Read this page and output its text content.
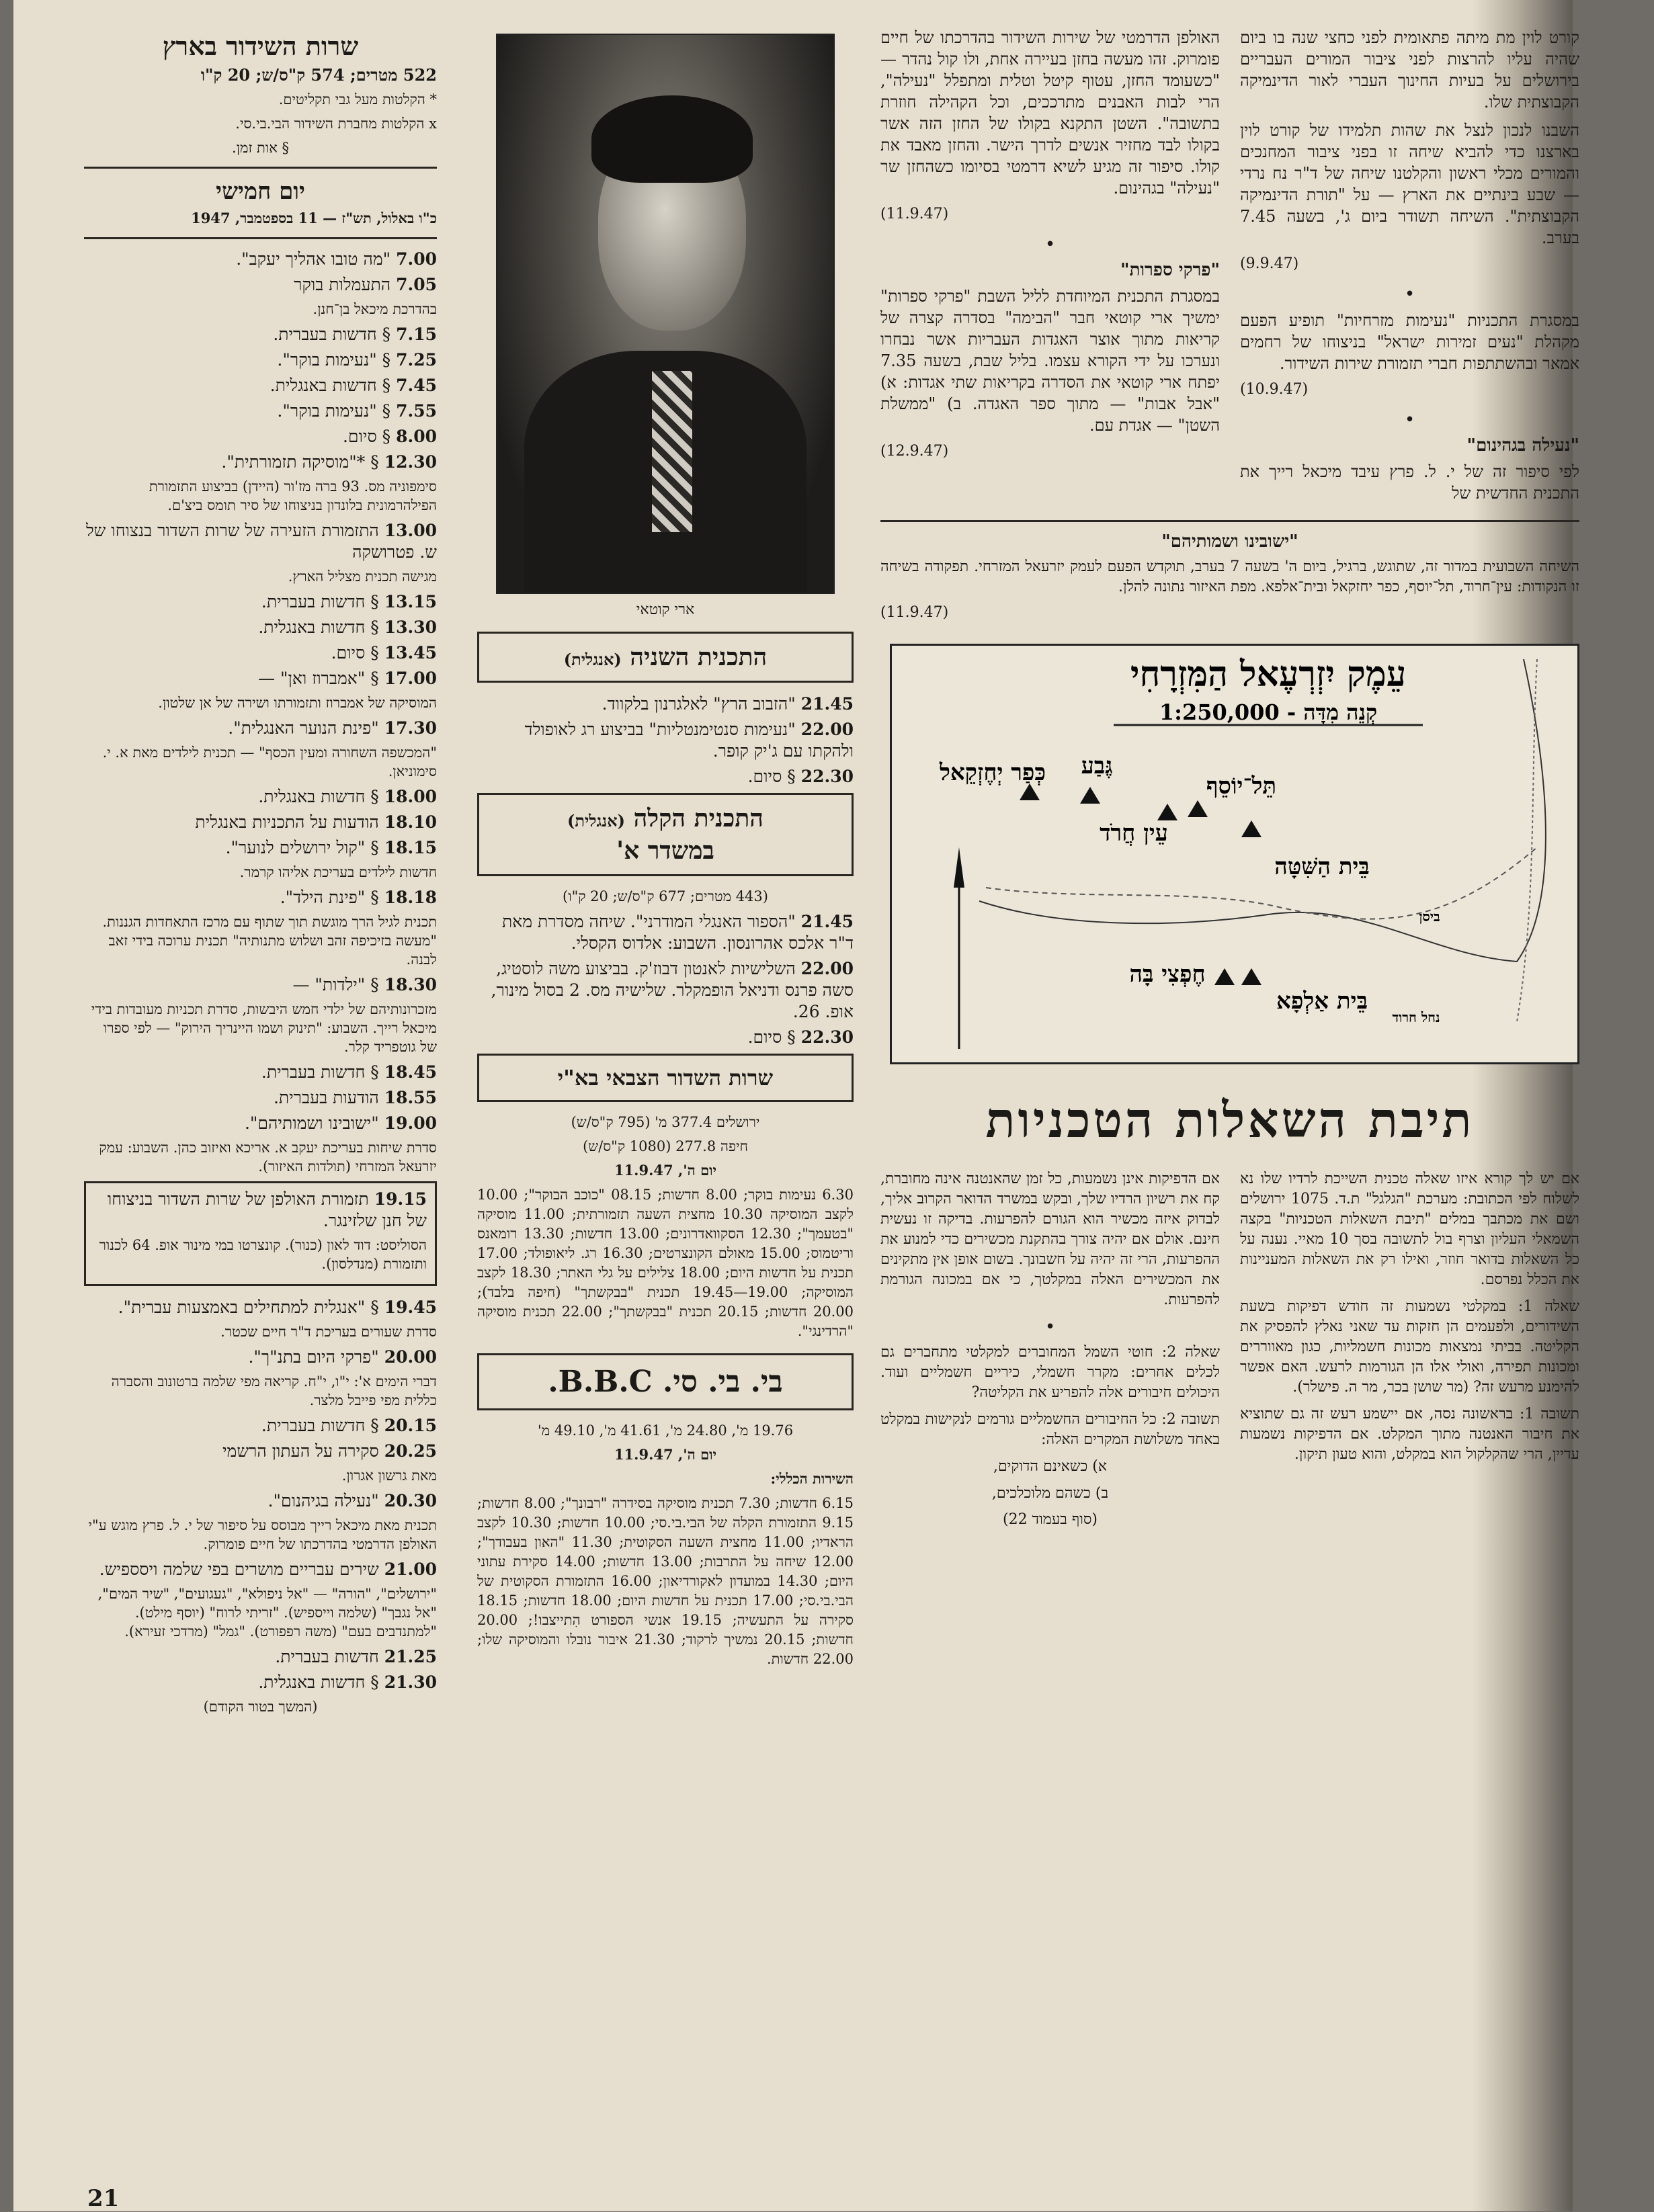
שרות השידור בארץ
522 מטרים; 574 ק"ס/ש; 20 ק"ו
* הקלטות מעל גבי תקליטים.
x הקלטות מחברת השידור הבי.בי.סי.
§ אות זמן.
יום חמישי
כ"ו באלול, תש"ז — 11 בספטמבר, 1947
7.00 "מה טובו אהליך יעקב".
7.05 התעמלות בוקר
בהדרכת מיכאל בן־חנן.
7.15 § חדשות בעברית.
7.25 § "נעימות בוקר".
7.45 § חדשות באנגלית.
7.55 § "נעימות בוקר".
8.00 § סיום.
12.30 § *"מוסיקה תזמורתית".
סימפוניה מס. 93 ברה מז'ור (היידן) בביצוע התזמורת הפילהרמונית בלונדון בניצוחו של סיר תומס ביצ'ם.
13.00 התזמורת הזעירה של שרות השדור בנצוחו של ש. פטרושקה
מגישה תכנית מצליל הארץ.
13.15 § חדשות בעברית.
13.30 § חדשות באנגלית.
13.45 § סיום.
17.00 § "אמברוז ואן" —
המוסיקה של אמברוז ותזמורתו ושירה של אן שלטון.
17.30 "פינת הנוער האנגלית".
"המכשפה השחורה ומעין הכסף" — תכנית לילדים מאת א. י. סימוניאן.
18.00 § חדשות באנגלית.
18.10 הודעות על התכניות באנגלית
18.15 § "קול ירושלים לנוער".
חדשות לילדים בעריכת אליהו קרמר.
18.18 § "פינת הילד".
תכנית לגיל הרך מוגשת תוך שתוף עם מרכז התאחדות הגננות. "מעשה בזיכיפה זהב ושלוש מתנותיה" תכנית ערוכה בידי זאב לבנה.
18.30 § "ילדות" —
מזכרונותיהם של ילדי חמש היבשות, סדרת תכניות מעובדות בידי מיכאל רייך. השבוע: "תינוק ושמו היינריך הירוק" — לפי ספרו של גוטפריד קלר.
18.45 § חדשות בעברית.
18.55 הודעות בעברית.
19.00 "ישובינו ושמותיהם".
סדרת שיחות בעריכת יעקב א. אריכא ואיזוב כהן. השבוע: עמק יזרעאל המזרחי (תולדות האיזור).
19.15 תזמורת האולפן של שרות השדור בניצוחו של חנן שלזינגר.
הסוליסט: דוד לאון (כנור). קונצרטו במי מינור אופ. 64 לכנור ותזמורת (מנדלסון).
19.45 § "אנגלית למתחילים באמצעות עברית".
סדרת שעורים בעריכת ד"ר חיים שכטר.
20.00 "פרקי היום בתנ"ך".
דברי הימים א': י"ו, י"ח. קריאה מפי שלמה ברטונוב והסברה כללית מפי פייבל מלצר.
20.15 § חדשות בעברית.
20.25 סקירה על העתון הרשמי
מאת גרשון אגרון.
20.30 "נעילה בגיהנום".
תכנית מאת מיכאל רייך מבוסס על סיפור של י. ל. פרץ מוגש ע"י האולפן הדרמטי בהדרכתו של חיים פומרוק.
21.00 שירים עבריים מושרים בפי שלמה ויסספיש.
"ירושלים", "הורה" — "אל ניפולא", "געגועים", "שיר המים", "אל נגבך" (שלמה וייספיש). "זריתי לרוח" (יוסף מילט). "למתנדבים בעם" (משה רפפורט). "גמל" (מרדכי זעירא).
21.25 חדשות בעברית.
21.30 § חדשות באנגלית.
(המשך בטור הקודם)
ארי קוטאי
התכנית השניה (אנגלית)
21.45 "הזבוב הרץ" לאלגרנון בלקווד.
22.00 "נעימות סנטימנטליות" בביצוע רג לאופולד ולהקתו עם ג'יק קופר.
22.30 § סיום.
התכנית הקלה (אנגלית)
במשדר א'
(443 מטרים; 677 ק"ס/ש; 20 ק"ו)
21.45 "הספור האנגלי המודרני". שיחה מסדרת מאת ד"ר אלכס אהרונסון. השבוע: אלדוס הקסלי.
22.00 השלישיות לאנטון דבוז'ק. בביצוע משה לוסטיג, סשה פרנס ודניאל הופמקלר. שלישיה מס. 2 בסול מינור, אופ. 26.
22.30 § סיום.
שרות השדור הצבאי בא"י
ירושלים 377.4 מ' (795 ק"ס/ש)
חיפה 277.8 (1080 ק"ס/ש)
יום ה', 11.9.47
6.30 נעימות בוקר; 8.00 חדשות; 08.15 "כוכב הבוקר"; 10.00 לקצב המוסיקה 10.30 מחצית השעה תזמורתית; 11.00 מוסיקה "בטעמך"; 12.30 הסקוואדרונים; 13.00 חדשות; 13.30 רומאנס וריטמוס; 15.00 מאולם הקונצרטים; 16.30 רג. ליאופולד; 17.00 תכנית על חדשות היום; 18.00 צלילים על גלי האתר; 18.30 לקצב המוסיקה; 19.00—19.45 תכנית "בבקשתך" (חיפה בלבד); 20.00 חדשות; 20.15 תכנית "בבקשתך"; 22.00 תכנית מוסיקה "הרדינגי".
בי. בי. סי. B.B.C.
19.76 מ', 24.80 מ', 41.61 מ', 49.10 מ'
יום ה', 11.9.47
השירות הכללי:
6.15 חדשות; 7.30 תכנית מוסיקה בסידרה "רבונך"; 8.00 חדשות; 9.15 התזמורת הקלה של הבי.בי.סי; 10.00 חדשות; 10.30 לקצב הראדיו; 11.00 מחצית השעה הסקוטית; 11.30 "האון בעבודך"; 12.00 שיחה על התרבות; 13.00 חדשות; 14.00 סקירת עתוני היום; 14.30 במועדון לאקורדיאון; 16.00 התזמורת הסקוטית של הבי.בי.סי; 17.00 תכנית על חדשות היום; 18.00 חדשות; 18.15 סקירה על התעשיה; 19.15 אנשי הספורט הִתייצבו!; 20.00 חדשות; 20.15 נמשיך לרקוד; 21.30 איבור נובלו והמוסיקה שלו; 22.00 חדשות.

קורט לוין מת מיתה פתאומית לפני כחצי שנה בו ביום שהיה עליו להרצות לפני ציבור המורים העבריים בירושלים על בעיות החינוך העברי לאור הדינמיקה הקבוצתית שלו.

השבנו לנכון לנצל את שהות תלמידו של קורט לוין בארצנו כדי להביא שיחה זו בפני ציבור המחנכים והמורים מכלי ראשון והקלטנו שיחה של ד"ר נח נרדי — שבע בינתיים את הארץ — על "תורת הדינמיקה הקבוצתית". השיחה תשודר ביום ג', בשעה 7.45 בערב.

(9.9.47)
•

במסגרת התכניות "נעימות מזרחיות" תופיע הפעם מקהלת "נעים זמירות ישראל" בניצוחו של רחמים אמאר ובהשתתפות חברי תזמורת שירות השידור.

(10.9.47)
•
"נעילה בגהינום"

לפי סיפור זה של י. ל. פרץ עיבד מיכאל רייך את התכנית החדשית של

האולפן הדרמטי של שירות השידור בהדרכתו של חיים פומרוק. זהו מעשה בחזן בעיירה אחת, ולו קול נהדר — "כשעומד החזן, עטוף קיטל וטלית ומתפלל "נעילה", הרי לבות האבנים מתרככים, וכל הקהילה חוזרת בתשובה". השטן התקנא בקולו של החזן הזה אשר בקולו לבד מחזיר אנשים לדרך הישר. והחזן מאבד את קולו. סיפור זה מגיע לשיא דרמטי בסיומו כשהחזן שר "נעילה" בגהינום.

(11.9.47)
•
"פרקי ספרות"

במסגרת התכנית המיוחדת לליל השבת "פרקי ספרות" ימשיך ארי קוטאי חבר "הבימה" בסדרה קצרה של קריאות מתוך אוצר האגדות העבריות אשר נבחרו ונערכו על ידי הקורא עצמו. בליל שבת, בשעה 7.35 יפתח ארי קוטאי את הסדרה בקריאות שתי אגדות: א) "אבל אבות" — מתוך ספר האגדה. ב) "ממשלת השטן" — אגדת עם.

(12.9.47)
"ישובינו ושמותיהם"

השיחה השבועית במדור זה, שתוגש, ברגיל, ביום ה' בשעה 7 בערב, תוקדש הפעם לעמק יזרעאל המזרחי. תפקודה בשיחה זו הנקודות: עין־חרוד, תל־יוסף, כפר יחזקאל ובית־אלפא. מפת האיזור נתונה להלן.

(11.9.47)
עֵמֶק יִזְרְעֶאל הַמִּזְרָחִי
קְנֵה מִדָּה - 1:250,000
כְּפַר יְחֶזְקֵאל גֶּבַע
תֵּל־יוֹסֵף
עֵין חֲרֹד
בֵּית הַשִּׁטָּה
חֶפְצִי בָּה
בֵּית אַלְפָא
נחל חרוד
ביסן
תיבת השאלות הטכניות

אם יש לך קורא איזו שאלה טכנית השייכת לרדיו שלו נא לשלוח לפי הכתובת: מערכת "הגלגל" ת.ד. 1075 ירושלים ושם את מכתבך במלים "תיבת השאלות הטכניות" בקצה השמאלי העליון וצרף בול לתשובה בסך 10 מאיי. נענה על כל השאלות בדואר חוזר, ואילו רק את השאלות המעניינות את הכלל נפרסם.

שאלה 1: במקלטי נשמעות זה חודש דפיקות בשעת השידורים, ולפעמים הן חזקות עד שאני נאלץ להפסיק את הקליטה. בביתי נמצאות מכונות חשמליות, כגון מאווררים ומכונות תפירה, ואולי אלו הן הגורמות לרעש. האם אפשר להימנע מרעש זה? (מר שושן בכר, מר ה. פישלר).

תשובה 1: בראשונה נסה, אם יישמע רעש זה גם שתוציא את חיבור האנטנה מתוך המקלט. אם הדפיקות נשמעות עדיין, הרי שהקלקול הוא במקלט, והוא טעון תיקון.

אם הדפיקות אינן נשמעות, כל זמן שהאנטנה אינה מחוברת, קח את רשיון הרדיו שלך, ובקש במשרד הדואר הקרוב אליך, לבדוק איזה מכשיר הוא הגורם להפרעות. בדיקה זו נעשית חינם. אולם אם יהיה צורך בהתקנת מכשירים כדי למנוע את ההפרעות, הרי זה יהיה על חשבונך. בשום אופן אין מתקינים את המכשירים האלה במקלטך, כי אם במכונה הגורמת להפרעות.

•

שאלה 2: חוטי השמל המחוברים למקלטי מתחברים גם לכלים אחרים: מקרר חשמלי, כיריים חשמליים ועוד. היכולים חיבורים אלה להפריע את הקליטה?

תשובה 2: כל החיבורים החשמליים גורמים לנקישות במקלט באחד משלושת המקרים האלה:

א) כשאינם הדוקים,

ב) כשהם מלוכלכים,

(סוף בעמוד 22)
21
